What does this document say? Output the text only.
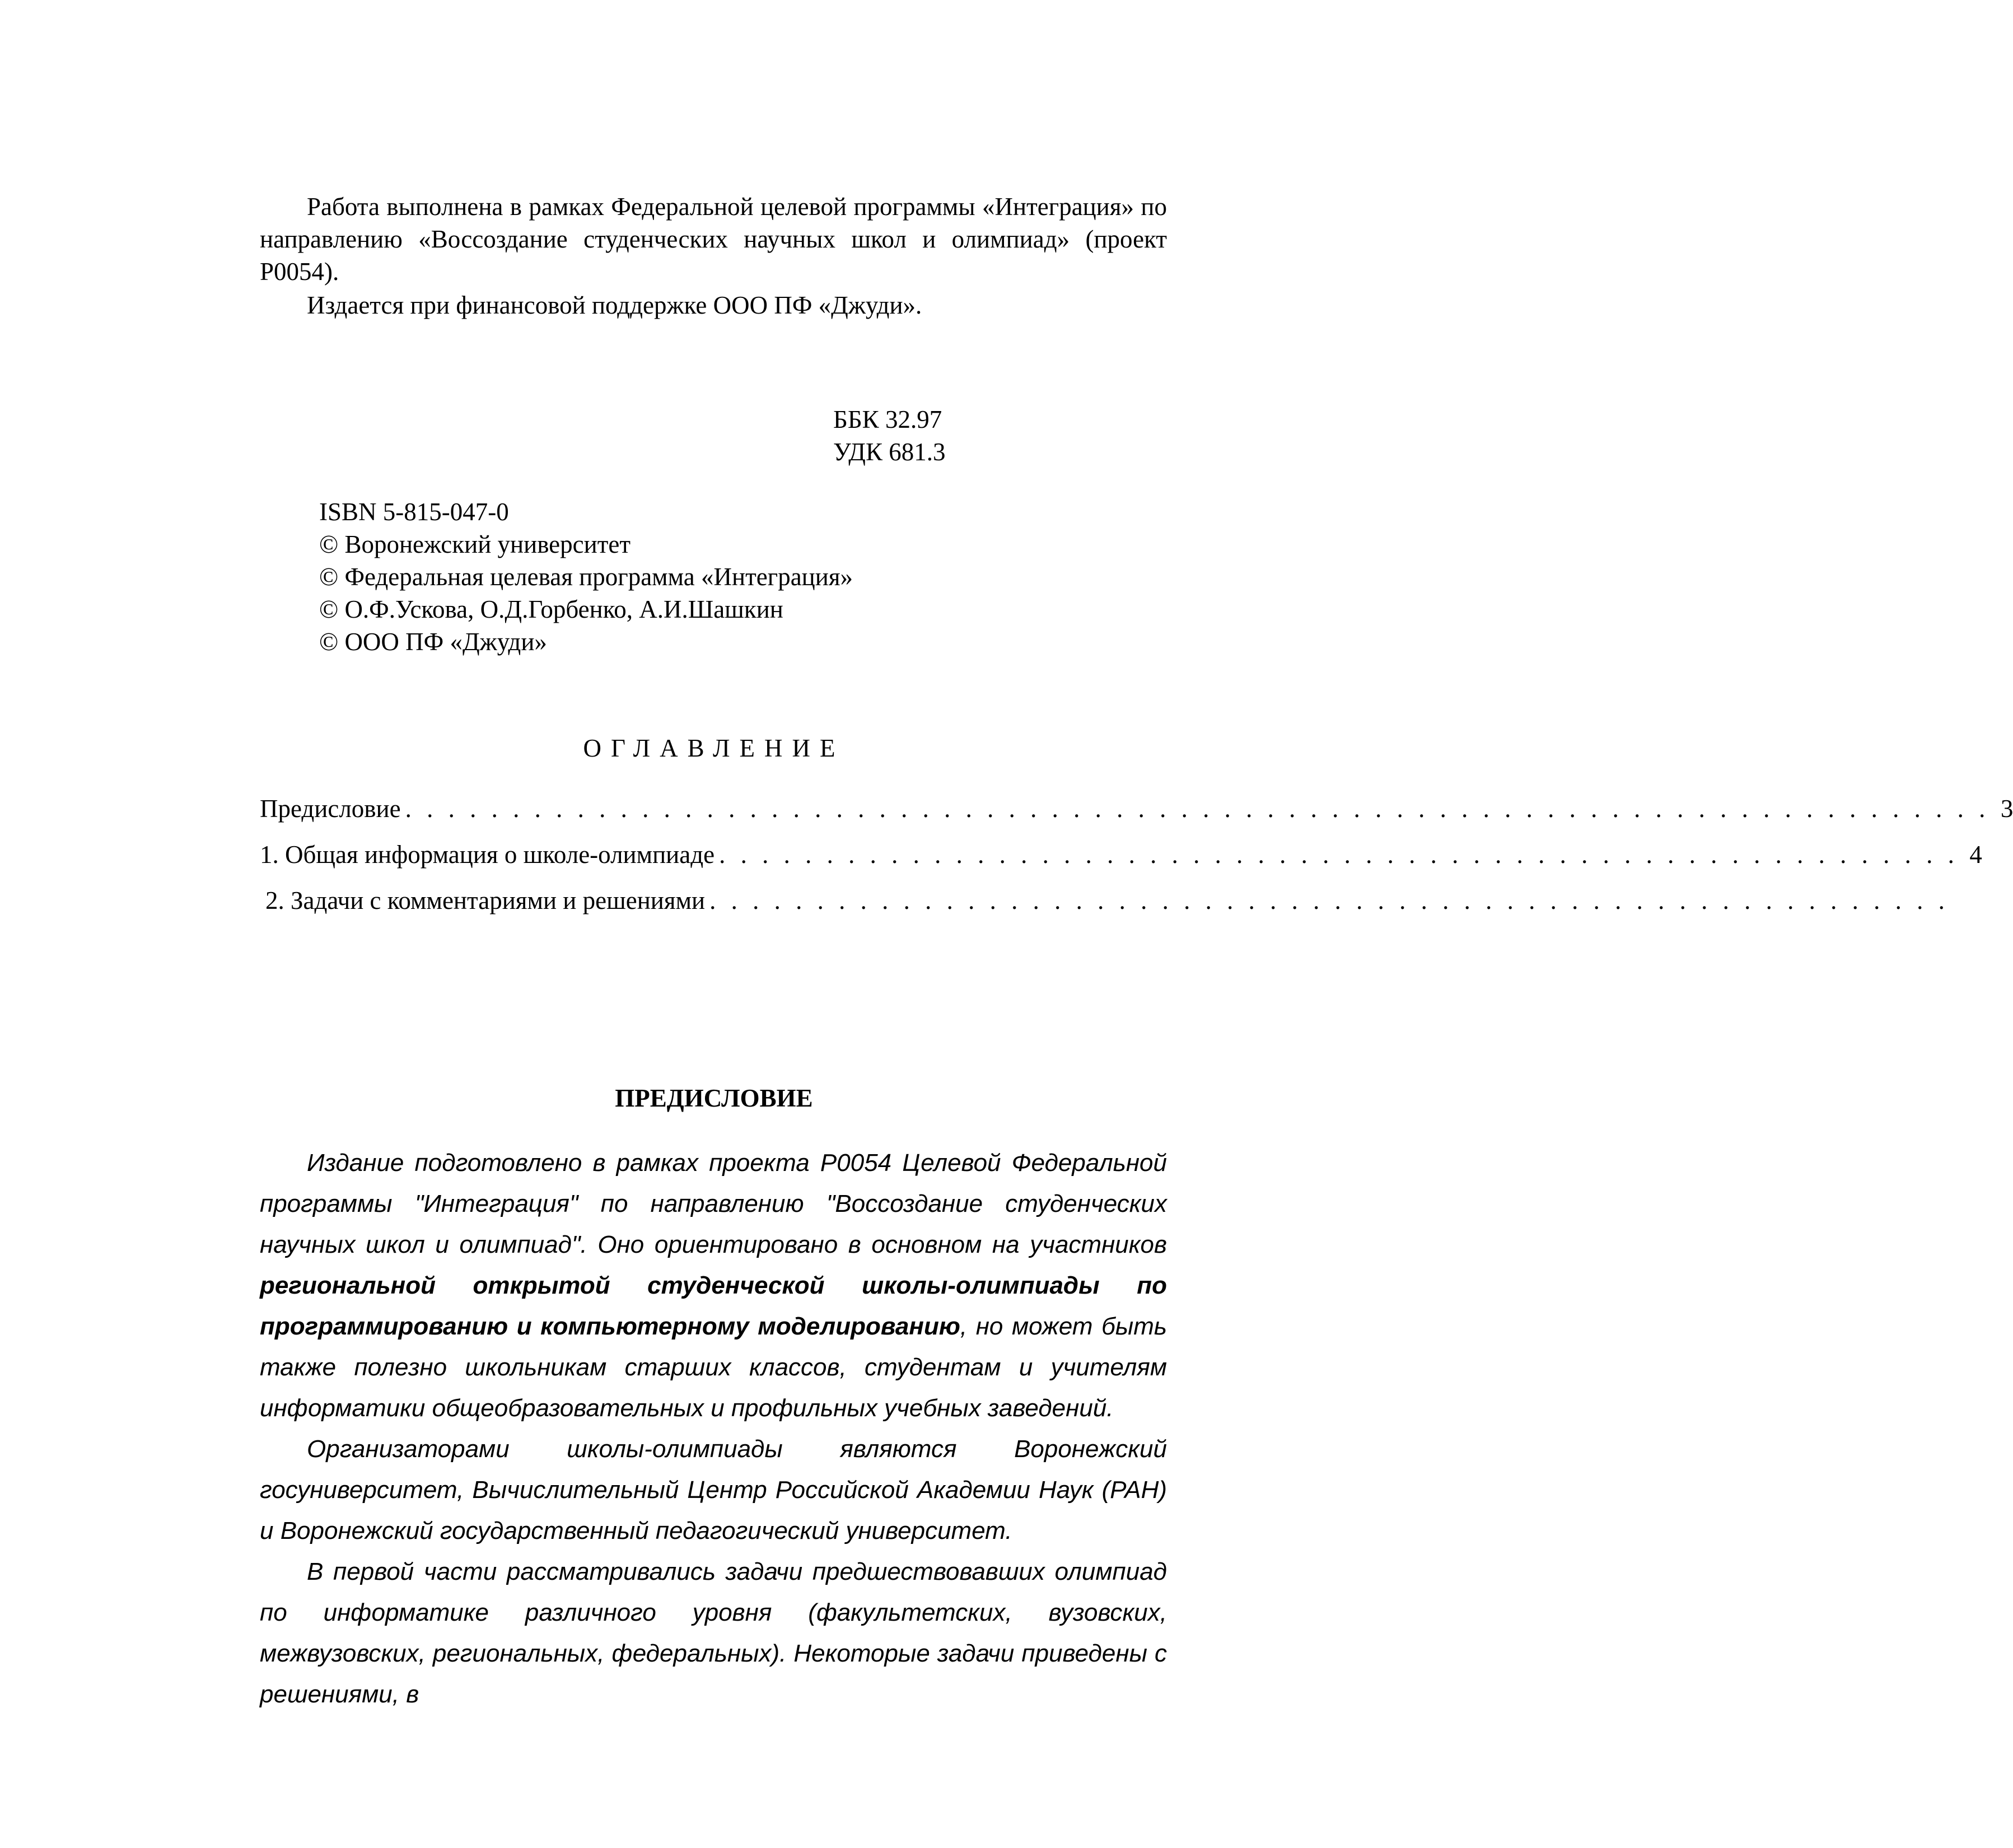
Работа выполнена в рамках Федеральной целевой программы «Интеграция» по направлению «Воссоздание студенческих научных школ и олимпиад» (проект Р0054).

Издается при финансовой поддержке ООО ПФ «Джуди».

ББК 32.97
УДК 681.3
ISBN 5-815-047-0
© Воронежский университет
© Федеральная целевая программа «Интеграция»
© О.Ф.Ускова, О.Д.Горбенко, А.И.Шашкин
© ООО ПФ «Джуди»
ОГЛАВЛЕНИЕ
Предисловие . . . . . . . . . . . . . . . . . . . . . . . . . . . . . . . . . . . . . . . . . . . . . . . . . . . . . . . . . . . . . . . . . . . . . . . . . . 3
1. Общая информация о школе-олимпиаде . . . . . . . . . . . . . . . . . . . . . . . . . . . . . . . . . . . . . . . . . . . . . . . . . . . . . . . . . . 4
2. Задачи с комментариями и решениями . . . . . . . . . . . . . . . . . . . . . . . . . . . . . . . . . . . . . . . . . . . . . . . . . . . . . . . . . .
ПРЕДИСЛОВИЕ

Издание подготовлено в рамках проекта Р0054 Целевой Федеральной программы "Интеграция" по направлению "Воссоздание студенческих научных школ и олимпиад". Оно ориентировано в основном на участников региональной открытой студенческой школы-олимпиады по программированию и компьютерному моделированию, но может быть также полезно школьникам старших классов, студентам и учителям информатики общеобразовательных и профильных учебных заведений.

Организаторами школы-олимпиады являются Воронежский госуниверситет, Вычислительный Центр Российской Академии Наук (РАН) и Воронежский государственный педагогический университет.

В первой части рассматривались задачи предшествовавших олимпиад по информатике различного уровня (факультетских, вузовских, межвузовских, региональных, федеральных). Некоторые задачи приведены с решениями, в
